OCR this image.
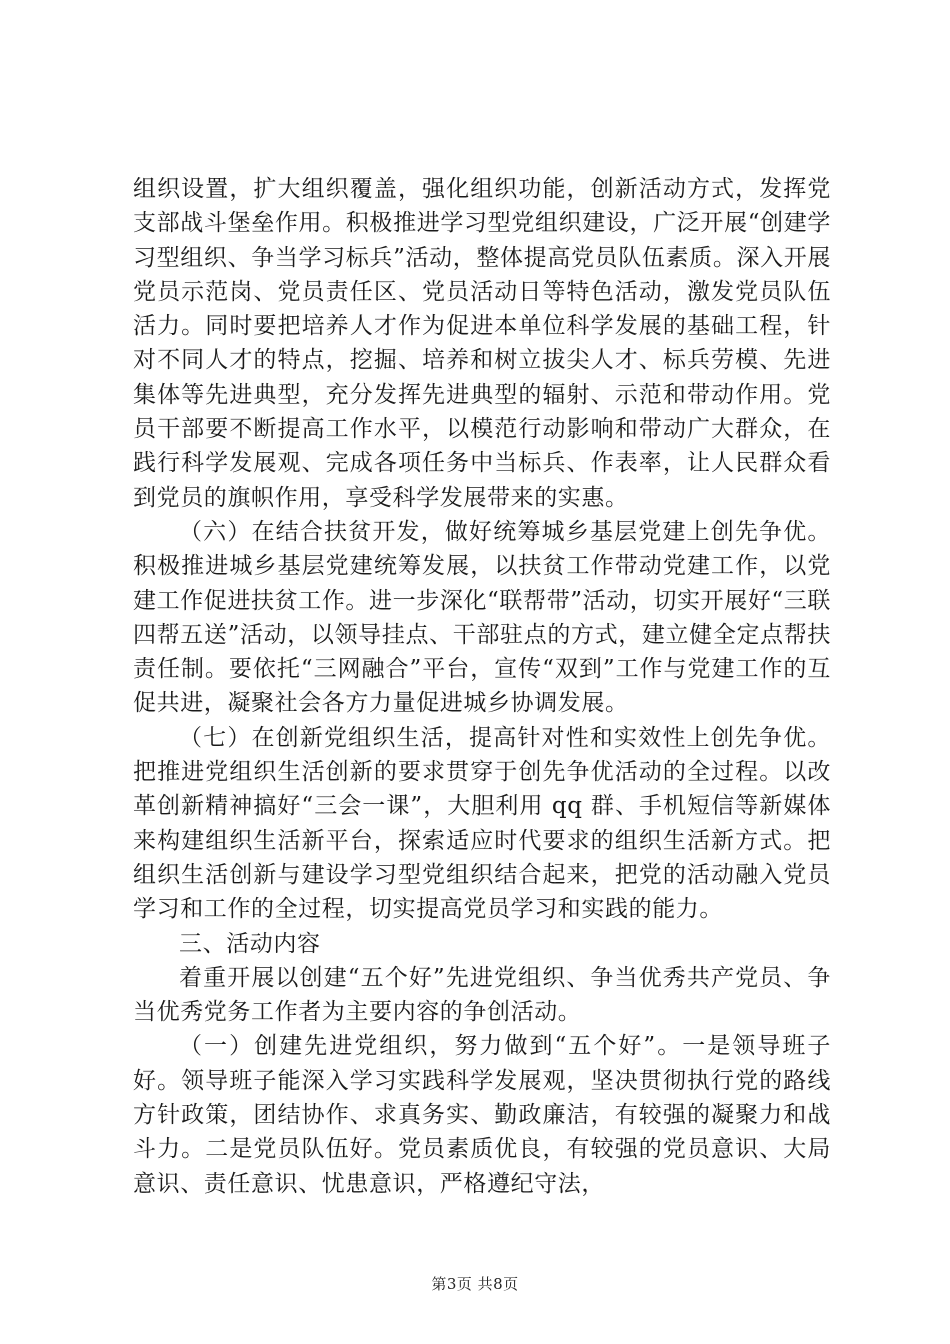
组织设置，扩大组织覆盖，强化组织功能，创新活动方式，发挥党支部战斗堡垒作用。积极推进学习型党组织建设，广泛开展“创建学习型组织、争当学习标兵”活动，整体提高党员队伍素质。深入开展党员示范岗、党员责任区、党员活动日等特色活动，激发党员队伍活力。同时要把培养人才作为促进本单位科学发展的基础工程，针对不同人才的特点，挖掘、培养和树立拔尖人才、标兵劳模、先进集体等先进典型，充分发挥先进典型的辐射、示范和带动作用。党员干部要不断提高工作水平，以模范行动影响和带动广大群众，在践行科学发展观、完成各项任务中当标兵、作表率，让人民群众看到党员的旗帜作用，享受科学发展带来的实惠。

（六）在结合扶贫开发，做好统筹城乡基层党建上创先争优。积极推进城乡基层党建统筹发展，以扶贫工作带动党建工作，以党建工作促进扶贫工作。进一步深化“联帮带”活动，切实开展好“三联四帮五送”活动，以领导挂点、干部驻点的方式，建立健全定点帮扶责任制。要依托“三网融合”平台，宣传“双到”工作与党建工作的互促共进，凝聚社会各方力量促进城乡协调发展。

（七）在创新党组织生活，提高针对性和实效性上创先争优。把推进党组织生活创新的要求贯穿于创先争优活动的全过程。以改革创新精神搞好“三会一课”，大胆利用 qq 群、手机短信等新媒体来构建组织生活新平台，探索适应时代要求的组织生活新方式。把组织生活创新与建设学习型党组织结合起来，把党的活动融入党员学习和工作的全过程，切实提高党员学习和实践的能力。

三、活动内容

着重开展以创建“五个好”先进党组织、争当优秀共产党员、争当优秀党务工作者为主要内容的争创活动。

（一）创建先进党组织，努力做到“五个好”。一是领导班子好。领导班子能深入学习实践科学发展观，坚决贯彻执行党的路线方针政策，团结协作、求真务实、勤政廉洁，有较强的凝聚力和战斗力。二是党员队伍好。党员素质优良，有较强的党员意识、大局意识、责任意识、忧患意识，严格遵纪守法，

第3页 共8页
